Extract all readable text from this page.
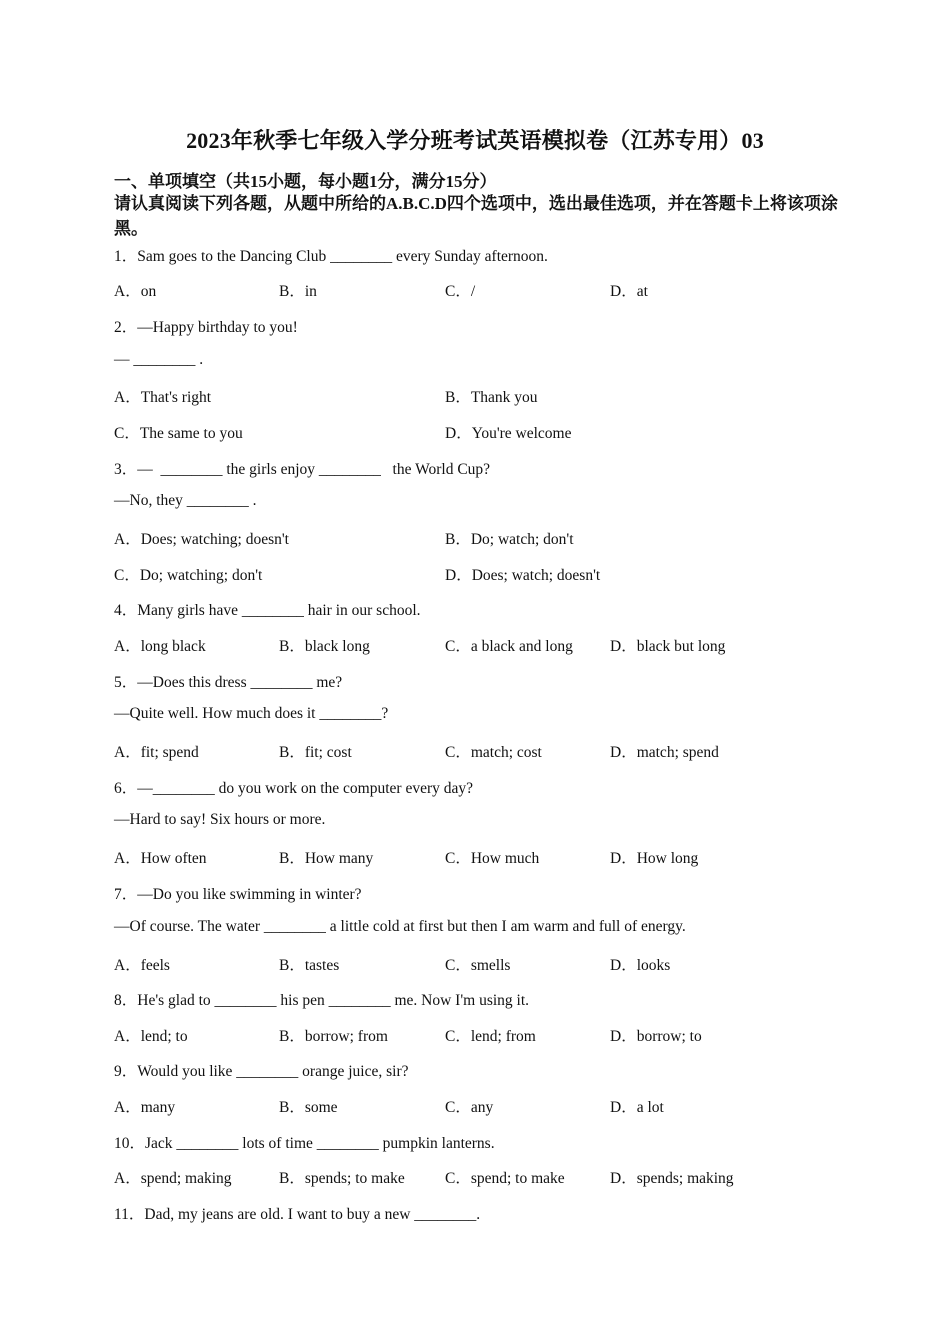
2023年秋季七年级入学分班考试英语模拟卷（江苏专用）03
一、单项填空（共15小题，每小题1分，满分15分）
请认真阅读下列各题，从题中所给的A.B.C.D四个选项中，选出最佳选项，并在答题卡上将该项涂黑。
1．Sam goes to the Dancing Club ________ every Sunday afternoon.
A．on	B．in	C．/	D．at
2．—Happy birthday to you!
— ________ .
A．That's right	B．Thank you
C．The same to you	D．You're welcome
3．—  ________ the girls enjoy ________   the World Cup?
—No, they ________ .
A．Does; watching; doesn't	B．Do; watch; don't
C．Do; watching; don't	D．Does; watch; doesn't
4．Many girls have ________ hair in our school.
A．long black	B．black long	C．a black and long D．black but long
5．—Does this dress ________ me?
—Quite well. How much does it ________?
A．fit; spend	B．fit; cost	C．match; cost	D．match; spend
6．—________ do you work on the computer every day?
—Hard to say! Six hours or more.
A．How often	B．How many	C．How much	D．How long
7．—Do you like swimming in winter?
—Of course. The water ________ a little cold at first but then I am warm and full of energy.
A．feels	B．tastes	C．smells	D．looks
8．He's glad to ________ his pen ________ me. Now I'm using it.
A．lend; to	B．borrow; from	C．lend; from	D．borrow; to
9．Would you like ________ orange juice, sir?
A．many	B．some	C．any	D．a lot
10．Jack ________ lots of time ________ pumpkin lanterns.
A．spend; making	B．spends; to make	C．spend; to make	D．spends; making
11．Dad, my jeans are old. I want to buy a new ________.
